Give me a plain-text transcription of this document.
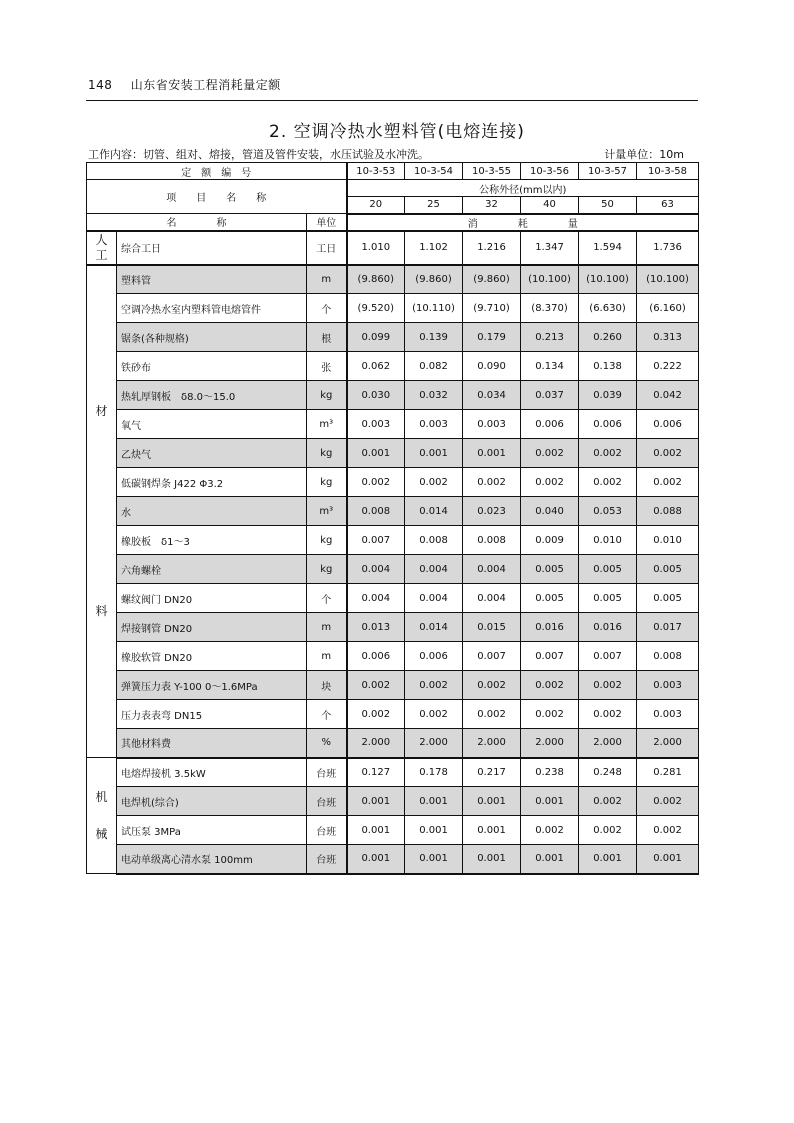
148 山东省安装工程消耗量定额
2. 空调冷热水塑料管(电熔连接)
工作内容：切管、组对、熔接，管道及管件安装，水压试验及水冲洗。	计量单位：10m
定　额　编　号			10-3-53	10-3-54	10-3-55	10-3-56	10-3-57	10-3-58
项　　目　　名　　称			公称外径(mm以内)					
			20	25	32	40	50	63
名　　　　称		单位	消　　　　耗　　　　量					
人工	综合工日	工日	1.010	1.102	1.216	1.347	1.594	1.736

材
料	塑料管	m	(9.860)	(9.860)	(9.860)	(10.100)	(10.100)	(10.100)
	空调冷热水室内塑料管电熔管件	个	(9.520)	(10.110)	(9.710)	(8.370)	(6.630)	(6.160)
	锯条(各种规格)	根	0.099	0.139	0.179	0.213	0.260	0.313
	铁砂布	张	0.062	0.082	0.090	0.134	0.138	0.222
	热轧厚钢板　δ8.0～15.0	kg	0.030	0.032	0.034	0.037	0.039	0.042
	氧气	m³	0.003	0.003	0.003	0.006	0.006	0.006
	乙炔气	kg	0.001	0.001	0.001	0.002	0.002	0.002
	低碳钢焊条 J422 Φ3.2	kg	0.002	0.002	0.002	0.002	0.002	0.002
	水	m³	0.008	0.014	0.023	0.040	0.053	0.088
	橡胶板　δ1～3	kg	0.007	0.008	0.008	0.009	0.010	0.010
	六角螺栓	kg	0.004	0.004	0.004	0.005	0.005	0.005
	螺纹阀门 DN20	个	0.004	0.004	0.004	0.005	0.005	0.005
	焊接钢管 DN20	m	0.013	0.014	0.015	0.016	0.016	0.017
	橡胶软管 DN20	m	0.006	0.006	0.007	0.007	0.007	0.008
	弹簧压力表 Y-100 0～1.6MPa	块	0.002	0.002	0.002	0.002	0.002	0.003
	压力表表弯 DN15	个	0.002	0.002	0.002	0.002	0.002	0.003
	其他材料费	%	2.000	2.000	2.000	2.000	2.000	2.000

机
械	电熔焊接机 3.5kW	台班	0.127	0.178	0.217	0.238	0.248	0.281
	电焊机(综合)	台班	0.001	0.001	0.001	0.001	0.002	0.002
	试压泵 3MPa	台班	0.001	0.001	0.001	0.002	0.002	0.002
	电动单级离心清水泵 100mm	台班	0.001	0.001	0.001	0.001	0.001	0.001
